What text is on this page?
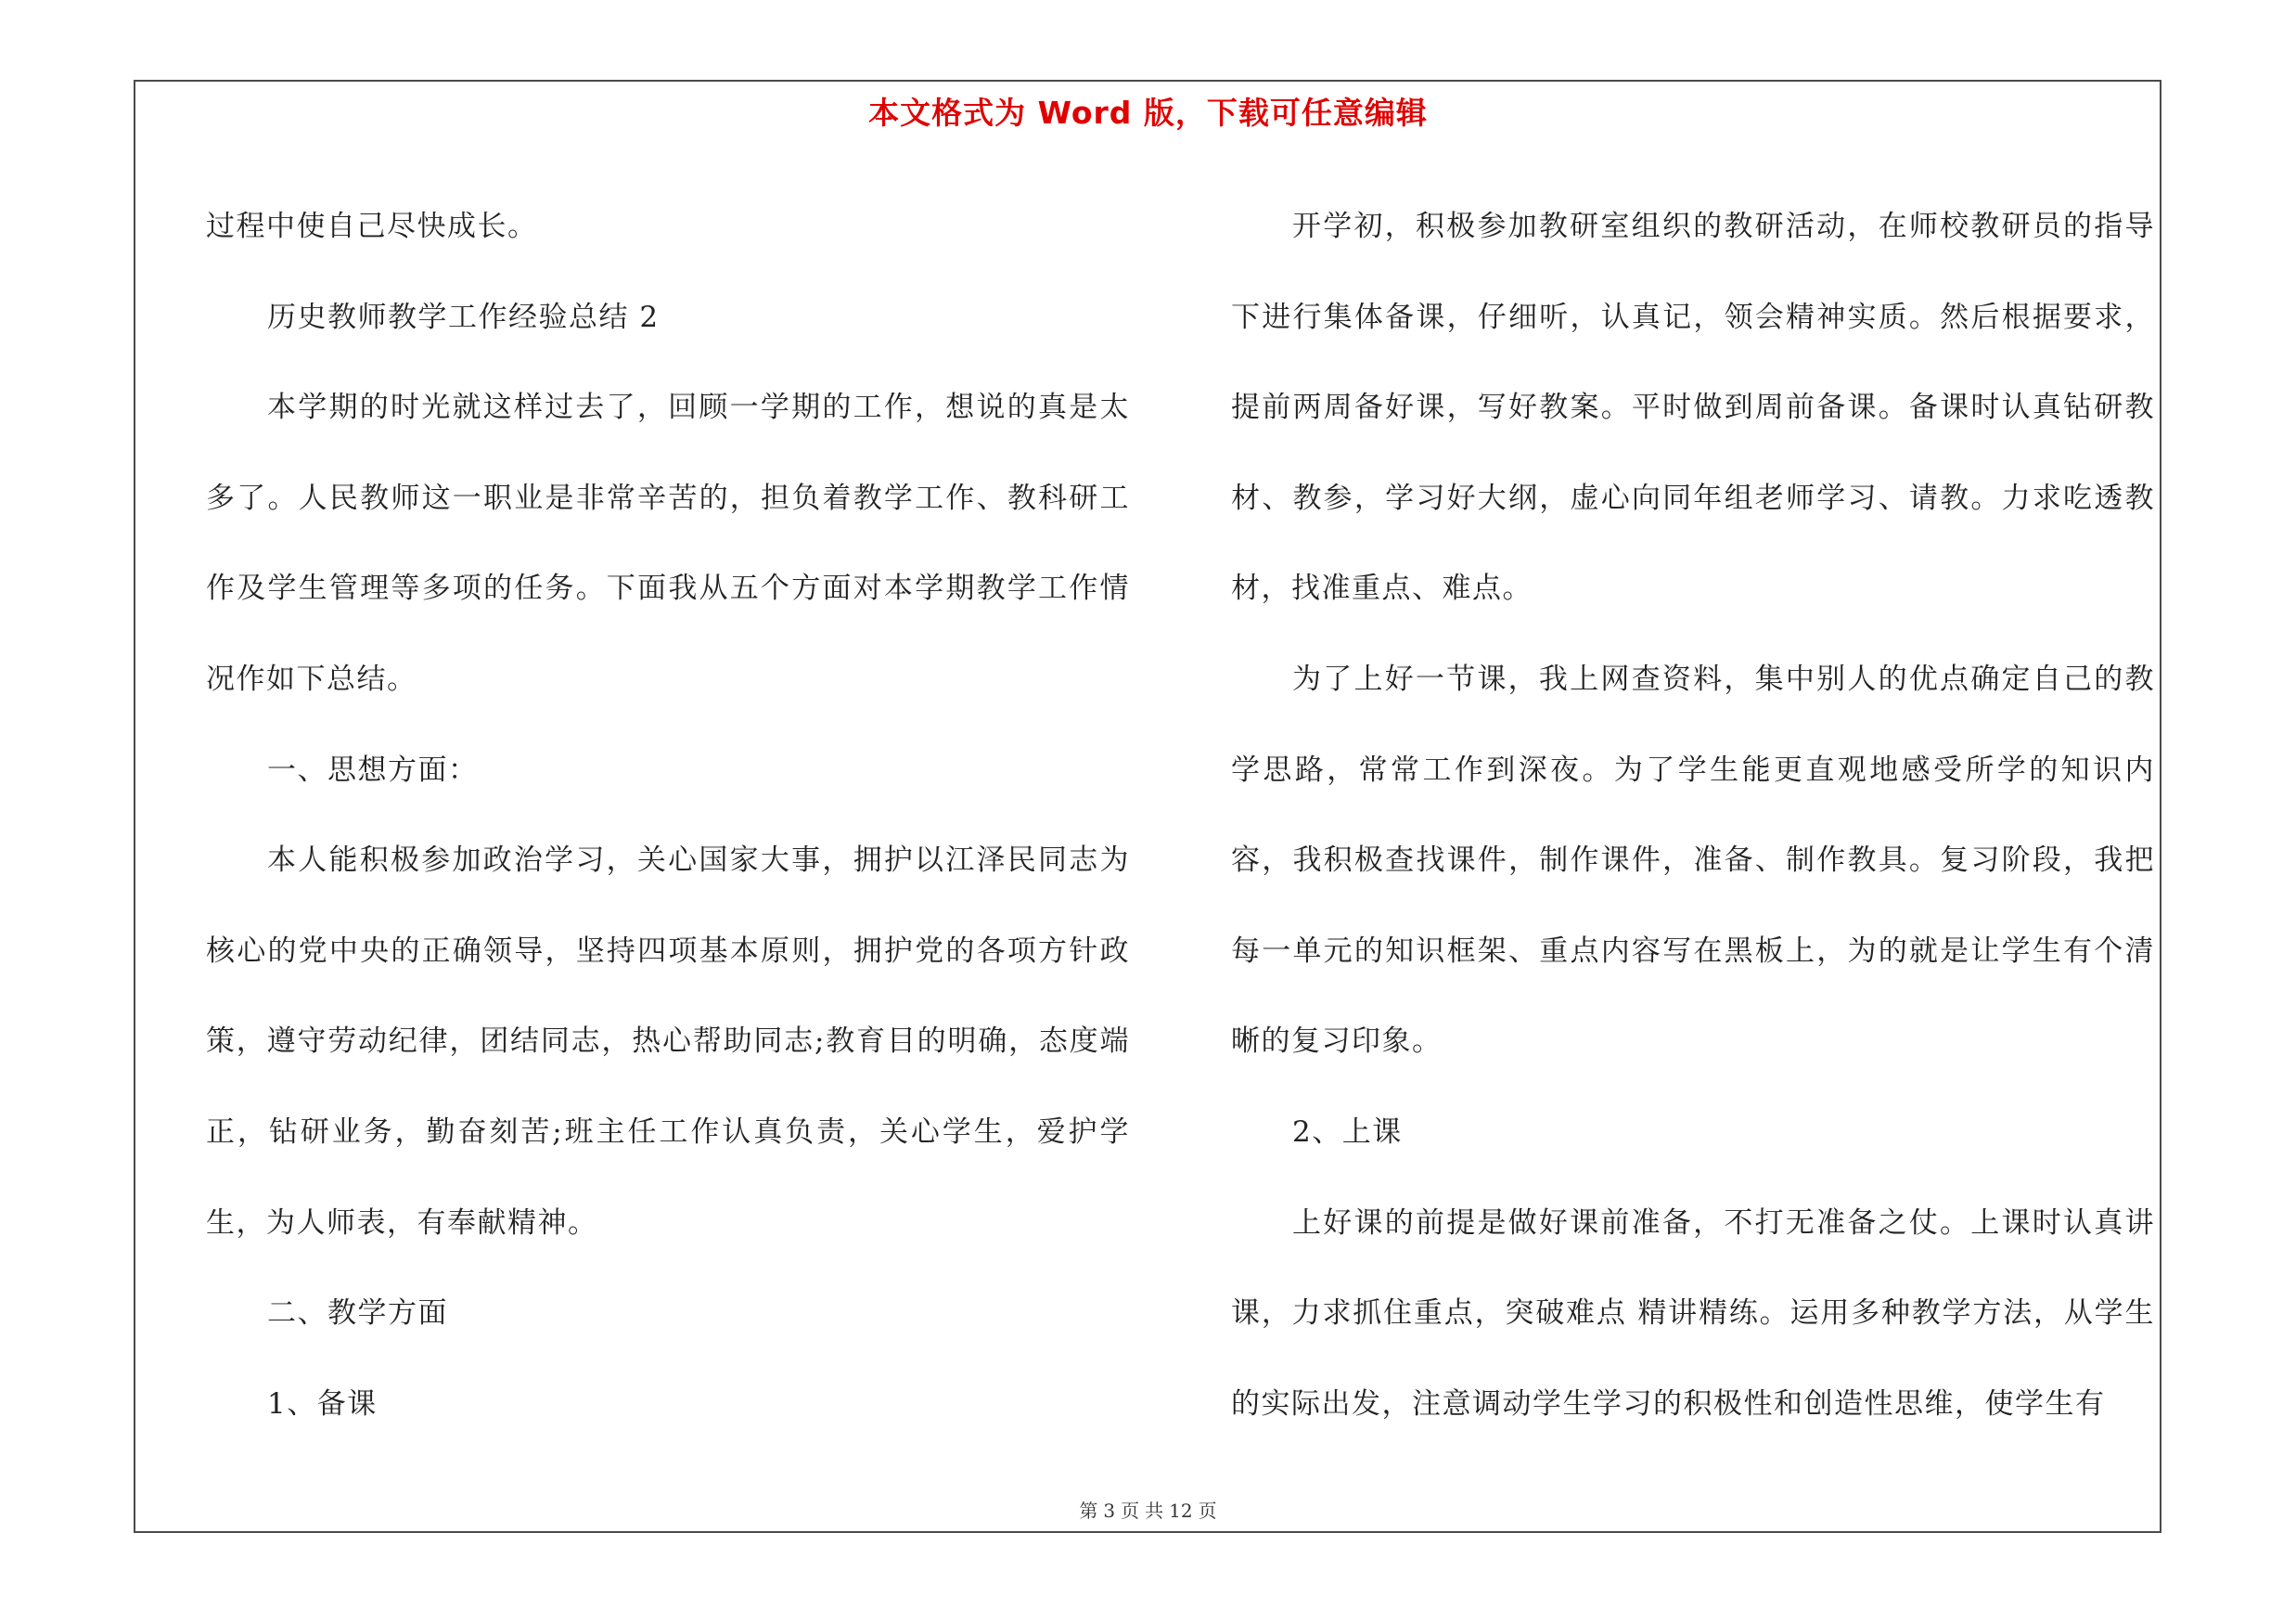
本文格式为 Word 版，下载可任意编辑

过程中使自己尽快成长。

历史教师教学工作经验总结 2

本学期的时光就这样过去了，回顾一学期的工作，想说的真是太多了。人民教师这一职业是非常辛苦的，担负着教学工作、教科研工作及学生管理等多项的任务。下面我从五个方面对本学期教学工作情况作如下总结。

一、思想方面：

本人能积极参加政治学习，关心国家大事，拥护以江泽民同志为核心的党中央的正确领导，坚持四项基本原则，拥护党的各项方针政策，遵守劳动纪律，团结同志，热心帮助同志;教育目的明确，态度端正，钻研业务，勤奋刻苦;班主任工作认真负责，关心学生，爱护学生，为人师表，有奉献精神。

二、教学方面

1、备课

开学初，积极参加教研室组织的教研活动，在师校教研员的指导下进行集体备课，仔细听，认真记，领会精神实质。然后根据要求，提前两周备好课，写好教案。平时做到周前备课。备课时认真钻研教材、教参，学习好大纲，虚心向同年组老师学习、请教。力求吃透教材，找准重点、难点。

为了上好一节课，我上网查资料，集中别人的优点确定自己的教学思路，常常工作到深夜。为了学生能更直观地感受所学的知识内容，我积极查找课件，制作课件，准备、制作教具。复习阶段，我把每一单元的知识框架、重点内容写在黑板上，为的就是让学生有个清晰的复习印象。

2、上课

上好课的前提是做好课前准备，不打无准备之仗。上课时认真讲课，力求抓住重点，突破难点 精讲精练。运用多种教学方法，从学生的实际出发，注意调动学生学习的积极性和创造性思维，使学生有

第 3 页 共 12 页
